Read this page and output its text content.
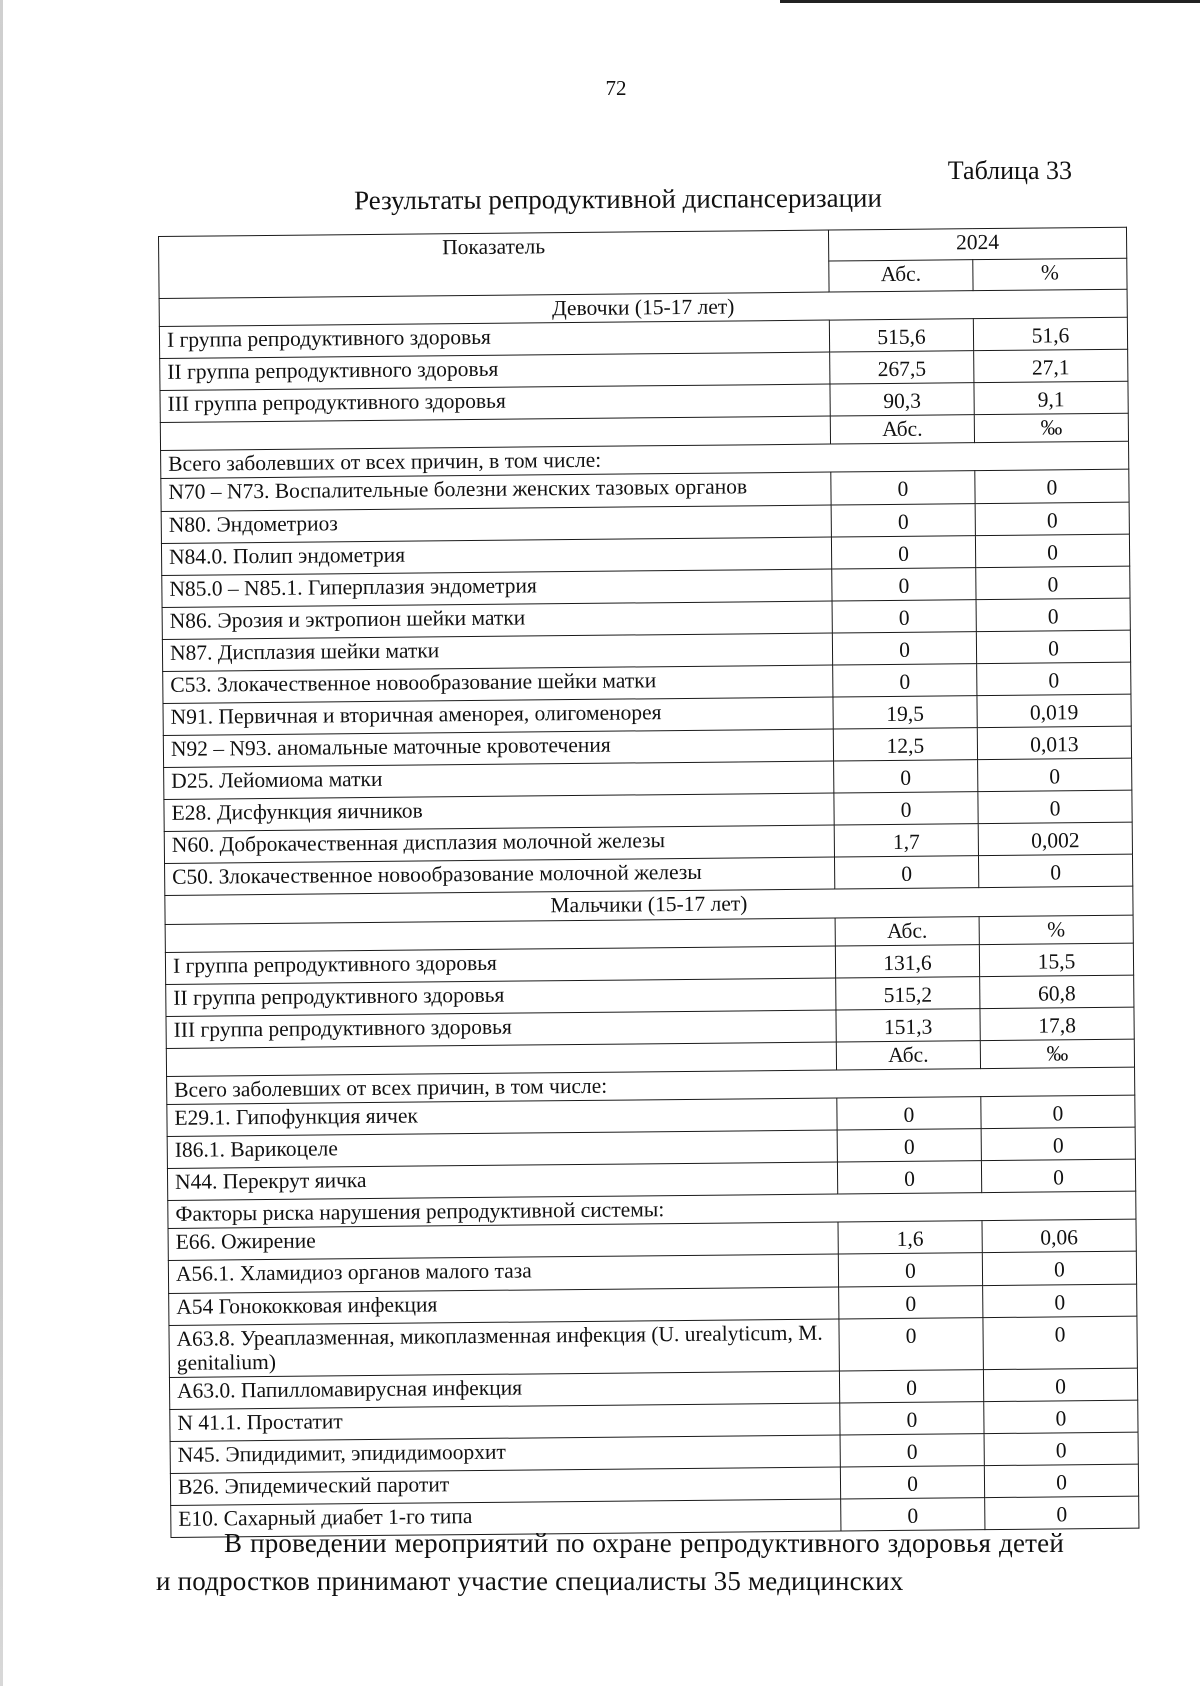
72
Таблица 33
Результаты репродуктивной диспансеризации
Показатель	2024	
	Абс.	%
Девочки (15-17 лет)		
I группа репродуктивного здоровья	515,6	51,6
II группа репродуктивного здоровья	267,5	27,1
III группа репродуктивного здоровья	90,3	9,1
	Абс.	‰
Всего заболевших от всех причин, в том числе:		
N70 – N73. Воспалительные болезни женских тазовых органов	0	0
N80. Эндометриоз	0	0
N84.0. Полип эндометрия	0	0
N85.0 – N85.1. Гиперплазия эндометрия	0	0
N86. Эрозия и эктропион шейки матки	0	0
N87. Дисплазия шейки матки	0	0
C53. Злокачественное новообразование шейки матки	0	0
N91. Первичная и вторичная аменорея, олигоменорея	19,5	0,019
N92 – N93. аномальные маточные кровотечения	12,5	0,013
D25. Лейомиома матки	0	0
E28. Дисфункция яичников	0	0
N60. Доброкачественная дисплазия молочной железы	1,7	0,002
C50. Злокачественное новообразование молочной железы	0	0
Мальчики (15-17 лет)		
	Абс.	%
I группа репродуктивного здоровья	131,6	15,5
II группа репродуктивного здоровья	515,2	60,8
III группа репродуктивного здоровья	151,3	17,8
	Абс.	‰
Всего заболевших от всех причин, в том числе:		
E29.1. Гипофункция яичек	0	0
I86.1. Варикоцеле	0	0
N44. Перекрут яичка	0	0
Факторы риска нарушения репродуктивной системы:		
E66. Ожирение	1,6	0,06
A56.1. Хламидиоз органов малого таза	0	0
A54 Гонококковая инфекция	0	0
A63.8. Уреаплазменная, микоплазменная инфекция (U. urealyticum, M. genitalium)	0	0
A63.0. Папилломавирусная инфекция	0	0
N 41.1. Простатит	0	0
N45. Эпидидимит, эпидидимоорхит	0	0
B26. Эпидемический паротит	0	0
E10. Сахарный диабет 1-го типа	0	0
В проведении мероприятий по охране репродуктивного здоровья детей и подростков принимают участие специалисты 35 медицинских
